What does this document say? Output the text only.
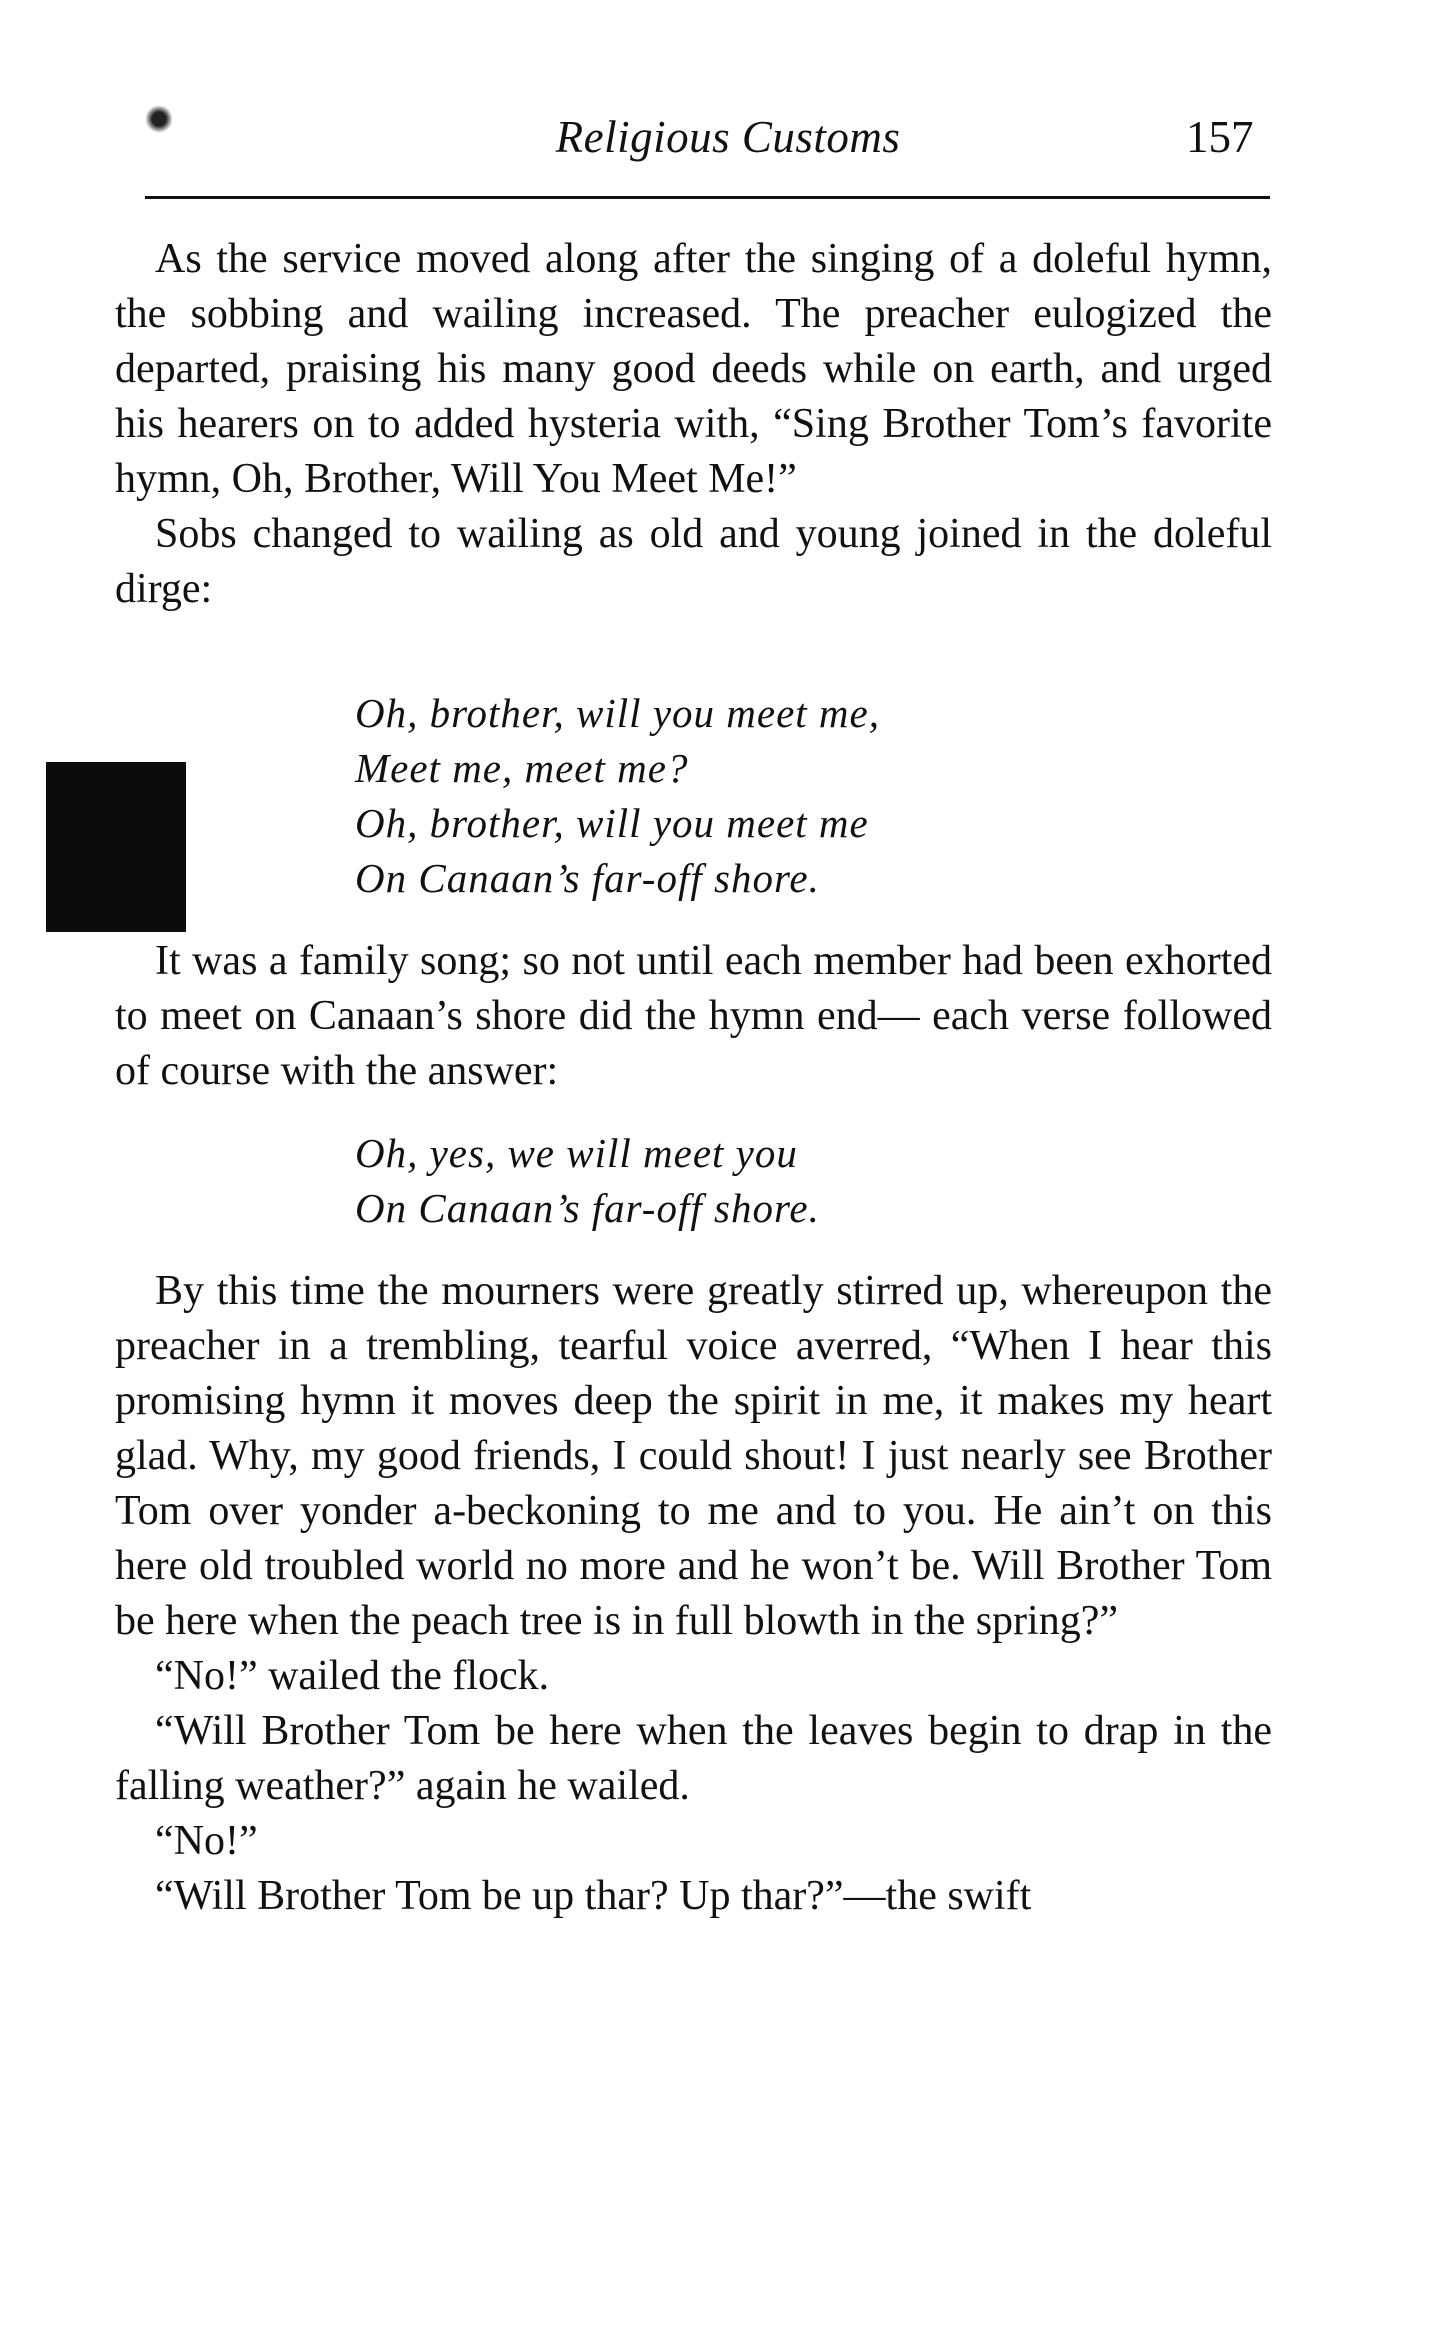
Religious Customs	157

As the service moved along after the singing of a doleful hymn, the sobbing and wailing increased. The preacher eulogized the departed, praising his many good deeds while on earth, and urged his hearers on to added hysteria with, “Sing Brother Tom’s favorite hymn, Oh, Brother, Will You Meet Me!”

Sobs changed to wailing as old and young joined in the doleful dirge:

Oh, brother, will you meet me,
Meet me, meet me?
Oh, brother, will you meet me
On Canaan’s far-off shore.

It was a family song; so not until each member had been exhorted to meet on Canaan’s shore did the hymn end— each verse followed of course with the answer:

Oh, yes, we will meet you
On Canaan’s far-off shore.

By this time the mourners were greatly stirred up, whereupon the preacher in a trembling, tearful voice averred, “When I hear this promising hymn it moves deep the spirit in me, it makes my heart glad. Why, my good friends, I could shout! I just nearly see Brother Tom over yonder a-beckoning to me and to you. He ain’t on this here old troubled world no more and he won’t be. Will Brother Tom be here when the peach tree is in full blowth in the spring?”

“No!” wailed the flock.

“Will Brother Tom be here when the leaves begin to drap in the falling weather?” again he wailed.

“No!”

“Will Brother Tom be up thar? Up thar?”—the swift
